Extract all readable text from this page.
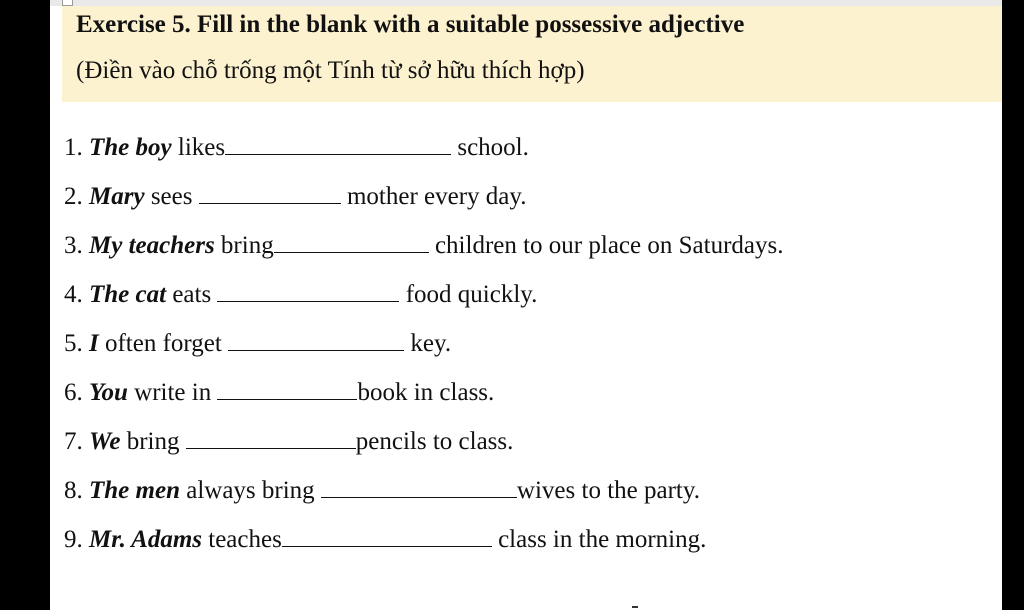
Exercise 5. Fill in the blank with a suitable possessive adjective
(Điền vào chỗ trống một Tính từ sở hữu thích hợp)
1. The boy likes	school.
2. Mary sees	mother every day.
3. My teachers bring	children to our place on Saturdays.
4. The cat eats	food quickly.
5. I often forget	key.
6. You write in	book in class.
7. We bring	pencils to class.
8. The men always bring	wives to the party.
9. Mr. Adams teaches	class in the morning.
